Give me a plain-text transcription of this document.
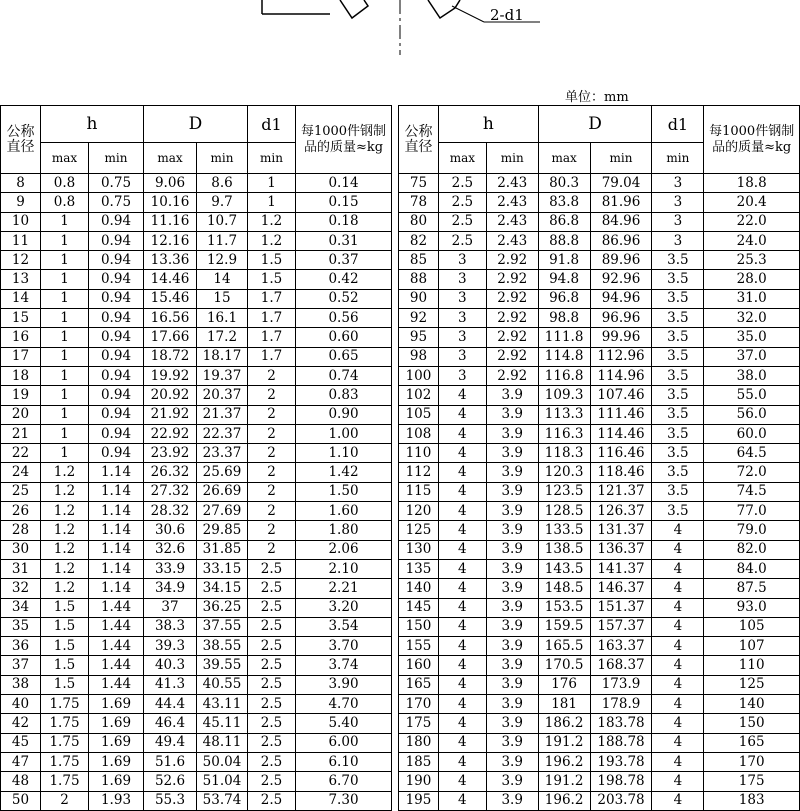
2-d1
单位：mm
公称直径	h		D		d1	每1000件钢制品的质量≈kg
	max	min	max	min	min	
8	0.8	0.75	9.06	8.6	1	0.14
9	0.8	0.75	10.16	9.7	1	0.15
10	1	0.94	11.16	10.7	1.2	0.18
11	1	0.94	12.16	11.7	1.2	0.31
12	1	0.94	13.36	12.9	1.5	0.37
13	1	0.94	14.46	14	1.5	0.42
14	1	0.94	15.46	15	1.7	0.52
15	1	0.94	16.56	16.1	1.7	0.56
16	1	0.94	17.66	17.2	1.7	0.60
17	1	0.94	18.72	18.17	1.7	0.65
18	1	0.94	19.92	19.37	2	0.74
19	1	0.94	20.92	20.37	2	0.83
20	1	0.94	21.92	21.37	2	0.90
21	1	0.94	22.92	22.37	2	1.00
22	1	0.94	23.92	23.37	2	1.10
24	1.2	1.14	26.32	25.69	2	1.42
25	1.2	1.14	27.32	26.69	2	1.50
26	1.2	1.14	28.32	27.69	2	1.60
28	1.2	1.14	30.6	29.85	2	1.80
30	1.2	1.14	32.6	31.85	2	2.06
31	1.2	1.14	33.9	33.15	2.5	2.10
32	1.2	1.14	34.9	34.15	2.5	2.21
34	1.5	1.44	37	36.25	2.5	3.20
35	1.5	1.44	38.3	37.55	2.5	3.54
36	1.5	1.44	39.3	38.55	2.5	3.70
37	1.5	1.44	40.3	39.55	2.5	3.74
38	1.5	1.44	41.3	40.55	2.5	3.90
40	1.75	1.69	44.4	43.11	2.5	4.70
42	1.75	1.69	46.4	45.11	2.5	5.40
45	1.75	1.69	49.4	48.11	2.5	6.00
47	1.75	1.69	51.6	50.04	2.5	6.10
48	1.75	1.69	52.6	51.04	2.5	6.70
50	2	1.93	55.3	53.74	2.5	7.30
公称直径	h		D		d1	每1000件钢制品的质量≈kg
	max	min	max	min	min	
75	2.5	2.43	80.3	79.04	3	18.8
78	2.5	2.43	83.8	81.96	3	20.4
80	2.5	2.43	86.8	84.96	3	22.0
82	2.5	2.43	88.8	86.96	3	24.0
85	3	2.92	91.8	89.96	3.5	25.3
88	3	2.92	94.8	92.96	3.5	28.0
90	3	2.92	96.8	94.96	3.5	31.0
92	3	2.92	98.8	96.96	3.5	32.0
95	3	2.92	111.8	99.96	3.5	35.0
98	3	2.92	114.8	112.96	3.5	37.0
100	3	2.92	116.8	114.96	3.5	38.0
102	4	3.9	109.3	107.46	3.5	55.0
105	4	3.9	113.3	111.46	3.5	56.0
108	4	3.9	116.3	114.46	3.5	60.0
110	4	3.9	118.3	116.46	3.5	64.5
112	4	3.9	120.3	118.46	3.5	72.0
115	4	3.9	123.5	121.37	3.5	74.5
120	4	3.9	128.5	126.37	3.5	77.0
125	4	3.9	133.5	131.37	4	79.0
130	4	3.9	138.5	136.37	4	82.0
135	4	3.9	143.5	141.37	4	84.0
140	4	3.9	148.5	146.37	4	87.5
145	4	3.9	153.5	151.37	4	93.0
150	4	3.9	159.5	157.37	4	105
155	4	3.9	165.5	163.37	4	107
160	4	3.9	170.5	168.37	4	110
165	4	3.9	176	173.9	4	125
170	4	3.9	181	178.9	4	140
175	4	3.9	186.2	183.78	4	150
180	4	3.9	191.2	188.78	4	165
185	4	3.9	196.2	193.78	4	170
190	4	3.9	191.2	198.78	4	175
195	4	3.9	196.2	203.78	4	183
